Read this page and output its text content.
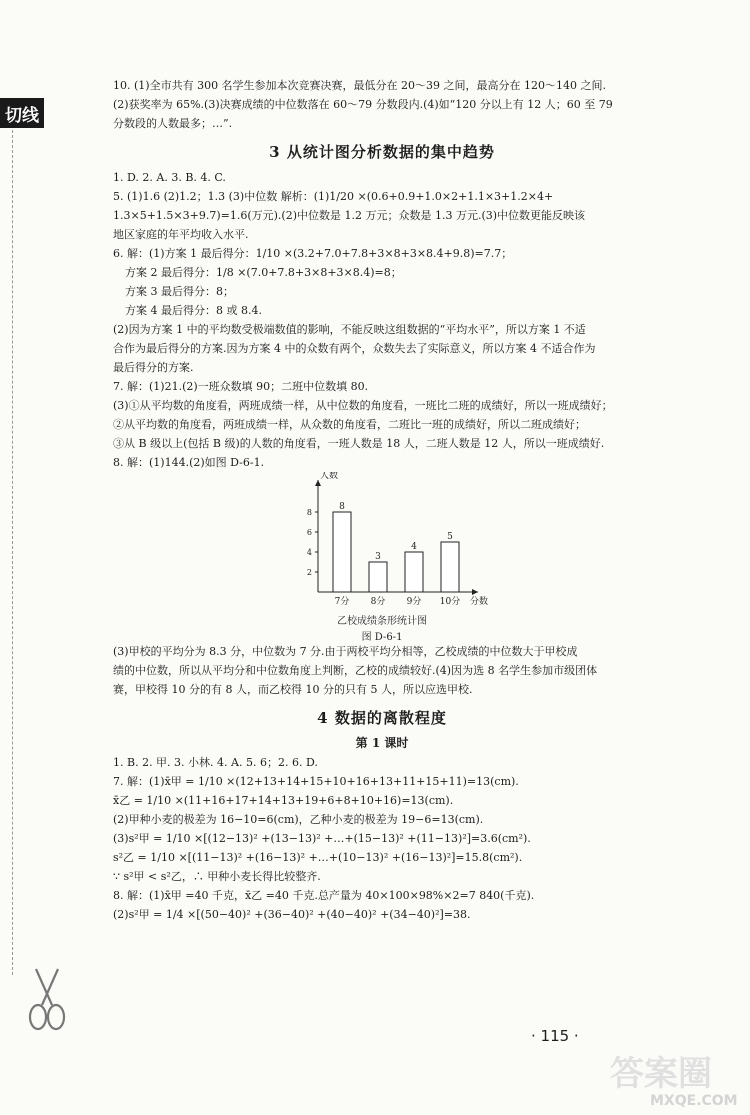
切线

10. (1)全市共有 300 名学生参加本次竞赛决赛，最低分在 20～39 之间，最高分在 120～140 之间.

(2)获奖率为 65%.(3)决赛成绩的中位数落在 60～79 分数段内.(4)如“120 分以上有 12 人；60 至 79

分数段的人数最多；…”.

3 从统计图分析数据的集中趋势

1. D. 2. A. 3. B. 4. C.

5. (1)1.6 (2)1.2；1.3 (3)中位数 解析：(1)1/20 ×(0.6+0.9+1.0×2+1.1×3+1.2×4+

1.3×5+1.5×3+9.7)=1.6(万元).(2)中位数是 1.2 万元；众数是 1.3 万元.(3)中位数更能反映该

地区家庭的年平均收入水平.

6. 解：(1)方案 1 最后得分：1/10 ×(3.2+7.0+7.8+3×8+3×8.4+9.8)=7.7；

方案 2 最后得分：1/8 ×(7.0+7.8+3×8+3×8.4)=8；

方案 3 最后得分：8；

方案 4 最后得分：8 或 8.4.

(2)因为方案 1 中的平均数受极端数值的影响，不能反映这组数据的“平均水平”，所以方案 1 不适

合作为最后得分的方案.因为方案 4 中的众数有两个，众数失去了实际意义，所以方案 4 不适合作为

最后得分的方案.

7. 解：(1)21.(2)一班众数填 90；二班中位数填 80.

(3)①从平均数的角度看，两班成绩一样，从中位数的角度看，一班比二班的成绩好，所以一班成绩好；

②从平均数的角度看，两班成绩一样，从众数的角度看，二班比一班的成绩好，所以二班成绩好；

③从 B 级以上(包括 B 级)的人数的角度看，一班人数是 18 人，二班人数是 12 人，所以一班成绩好.

8. 解：(1)144.(2)如图 D-6-1.

人数
分数
2
4
6
8
8
7分
3
8分
4
9分
5
10分

乙校成绩条形统计图

图 D-6-1

(3)甲校的平均分为 8.3 分，中位数为 7 分.由于两校平均分相等，乙校成绩的中位数大于甲校成

绩的中位数，所以从平均分和中位数角度上判断，乙校的成绩较好.(4)因为选 8 名学生参加市级团体

赛，甲校得 10 分的有 8 人，而乙校得 10 分的只有 5 人，所以应选甲校.

4 数据的离散程度
第 1 课时

1. B. 2. 甲. 3. 小林. 4. A. 5. 6；2. 6. D.

7. 解：(1)x̄甲 = 1/10 ×(12+13+14+15+10+16+13+11+15+11)=13(cm).

x̄乙 = 1/10 ×(11+16+17+14+13+19+6+8+10+16)=13(cm).

(2)甲种小麦的极差为 16−10=6(cm)，乙种小麦的极差为 19−6=13(cm).

(3)s²甲 = 1/10 ×[(12−13)² +(13−13)² +…+(15−13)² +(11−13)²]=3.6(cm²).

s²乙 = 1/10 ×[(11−13)² +(16−13)² +…+(10−13)² +(16−13)²]=15.8(cm²).

∵ s²甲 < s²乙，∴ 甲种小麦长得比较整齐.

8. 解：(1)x̄甲 =40 千克，x̄乙 =40 千克.总产量为 40×100×98%×2=7 840(千克).

(2)s²甲 = 1/4 ×[(50−40)² +(36−40)² +(40−40)² +(34−40)²]=38.

· 115 ·
答案圈
MXQE.COM
